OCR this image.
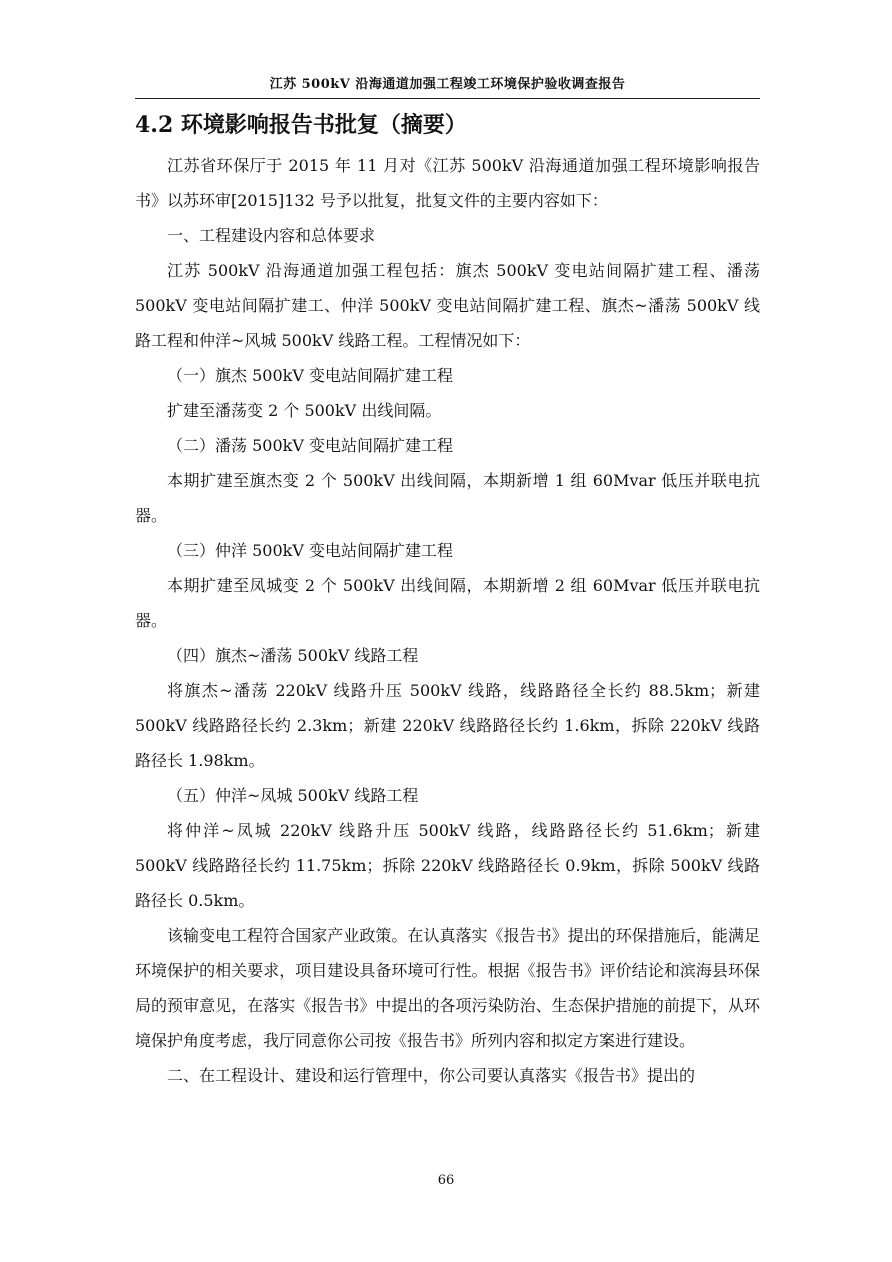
江苏 500kV 沿海通道加强工程竣工环境保护验收调查报告
4.2 环境影响报告书批复（摘要）

江苏省环保厅于 2015 年 11 月对《江苏 500kV 沿海通道加强工程环境影响报告书》以苏环审[2015]132 号予以批复，批复文件的主要内容如下：

一、工程建设内容和总体要求

江苏 500kV 沿海通道加强工程包括：旗杰 500kV 变电站间隔扩建工程、潘荡 500kV 变电站间隔扩建工、仲洋 500kV 变电站间隔扩建工程、旗杰~潘荡 500kV 线路工程和仲洋~风城 500kV 线路工程。工程情况如下：

（一）旗杰 500kV 变电站间隔扩建工程

扩建至潘荡变 2 个 500kV 出线间隔。

（二）潘荡 500kV 变电站间隔扩建工程

本期扩建至旗杰变 2 个 500kV 出线间隔，本期新增 1 组 60Mvar 低压并联电抗器。

（三）仲洋 500kV 变电站间隔扩建工程

本期扩建至凤城变 2 个 500kV 出线间隔，本期新增 2 组 60Mvar 低压并联电抗器。

（四）旗杰~潘荡 500kV 线路工程

将旗杰~潘荡 220kV 线路升压 500kV 线路，线路路径全长约 88.5km；新建 500kV 线路路径长约 2.3km；新建 220kV 线路路径长约 1.6km，拆除 220kV 线路路径长 1.98km。

（五）仲洋~凤城 500kV 线路工程

将仲洋~凤城 220kV 线路升压 500kV 线路，线路路径长约 51.6km；新建 500kV 线路路径长约 11.75km；拆除 220kV 线路路径长 0.9km，拆除 500kV 线路路径长 0.5km。

该输变电工程符合国家产业政策。在认真落实《报告书》提出的环保措施后，能满足环境保护的相关要求，项目建设具备环境可行性。根据《报告书》评价结论和滨海县环保局的预审意见，在落实《报告书》中提出的各项污染防治、生态保护措施的前提下，从环境保护角度考虑，我厅同意你公司按《报告书》所列内容和拟定方案进行建设。

二、在工程设计、建设和运行管理中，你公司要认真落实《报告书》提出的

66
